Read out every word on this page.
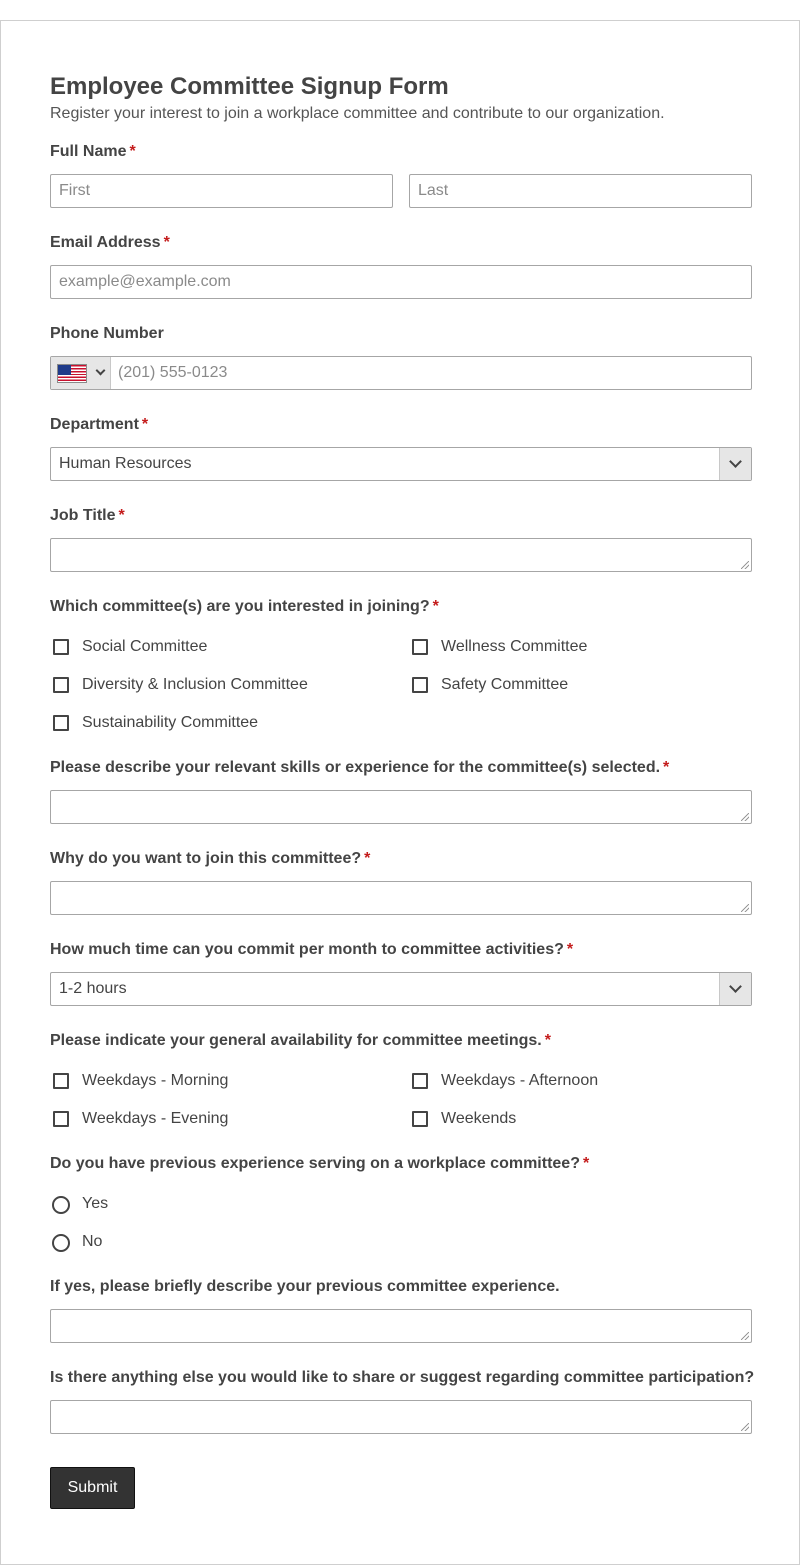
Employee Committee Signup Form
Register your interest to join a workplace committee and contribute to our organization.
Full Name *
First
Last
Email Address *
example@example.com
Phone Number
(201) 555-0123
Department *
Human Resources
Job Title *
Which committee(s) are you interested in joining? *
Social Committee	Wellness Committee
Diversity & Inclusion Committee	Safety Committee
Sustainability Committee
Please describe your relevant skills or experience for the committee(s) selected. *
Why do you want to join this committee? *
How much time can you commit per month to committee activities? *
1-2 hours
Please indicate your general availability for committee meetings. *
Weekdays - Morning	Weekdays - Afternoon
Weekdays - Evening	Weekends
Do you have previous experience serving on a workplace committee? *
Yes
No
If yes, please briefly describe your previous committee experience.
Is there anything else you would like to share or suggest regarding committee participation?
Submit
